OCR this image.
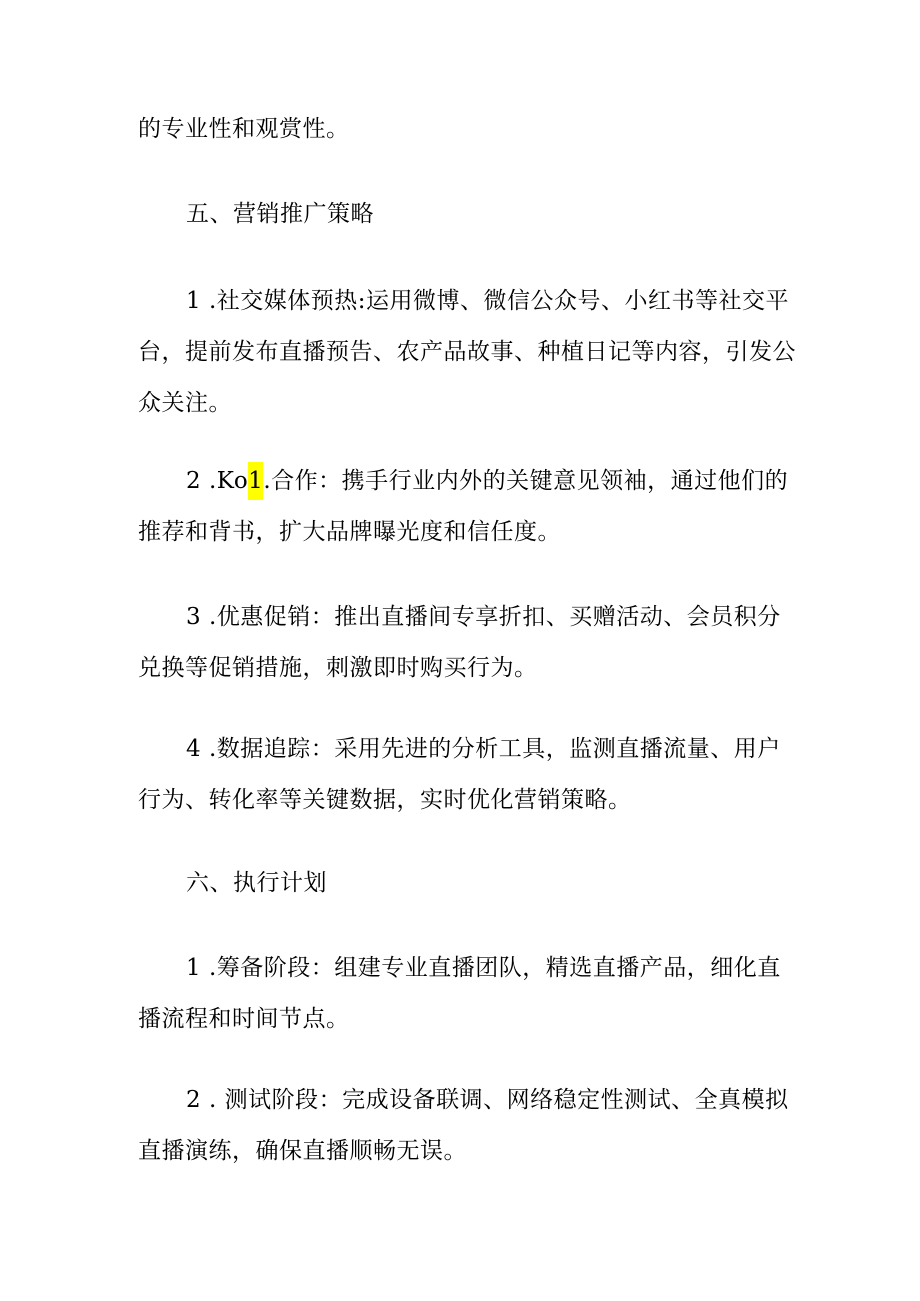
的专业性和观赏性。

五、营销推广策略

1 .社交媒体预热:运用微博、微信公众号、小红书等社交平
台，提前发布直播预告、农产品故事、种植日记等内容，引发公
众关注。

2 .Ko1.合作：携手行业内外的关键意见领袖，通过他们的
推荐和背书，扩大品牌曝光度和信任度。

3 .优惠促销：推出直播间专享折扣、买赠活动、会员积分
兑换等促销措施，刺激即时购买行为。

4 .数据追踪：采用先进的分析工具，监测直播流量、用户
行为、转化率等关键数据，实时优化营销策略。

六、执行计划

1 .筹备阶段：组建专业直播团队，精选直播产品，细化直
播流程和时间节点。

2 . 测试阶段：完成设备联调、网络稳定性测试、全真模拟
直播演练，确保直播顺畅无误。
